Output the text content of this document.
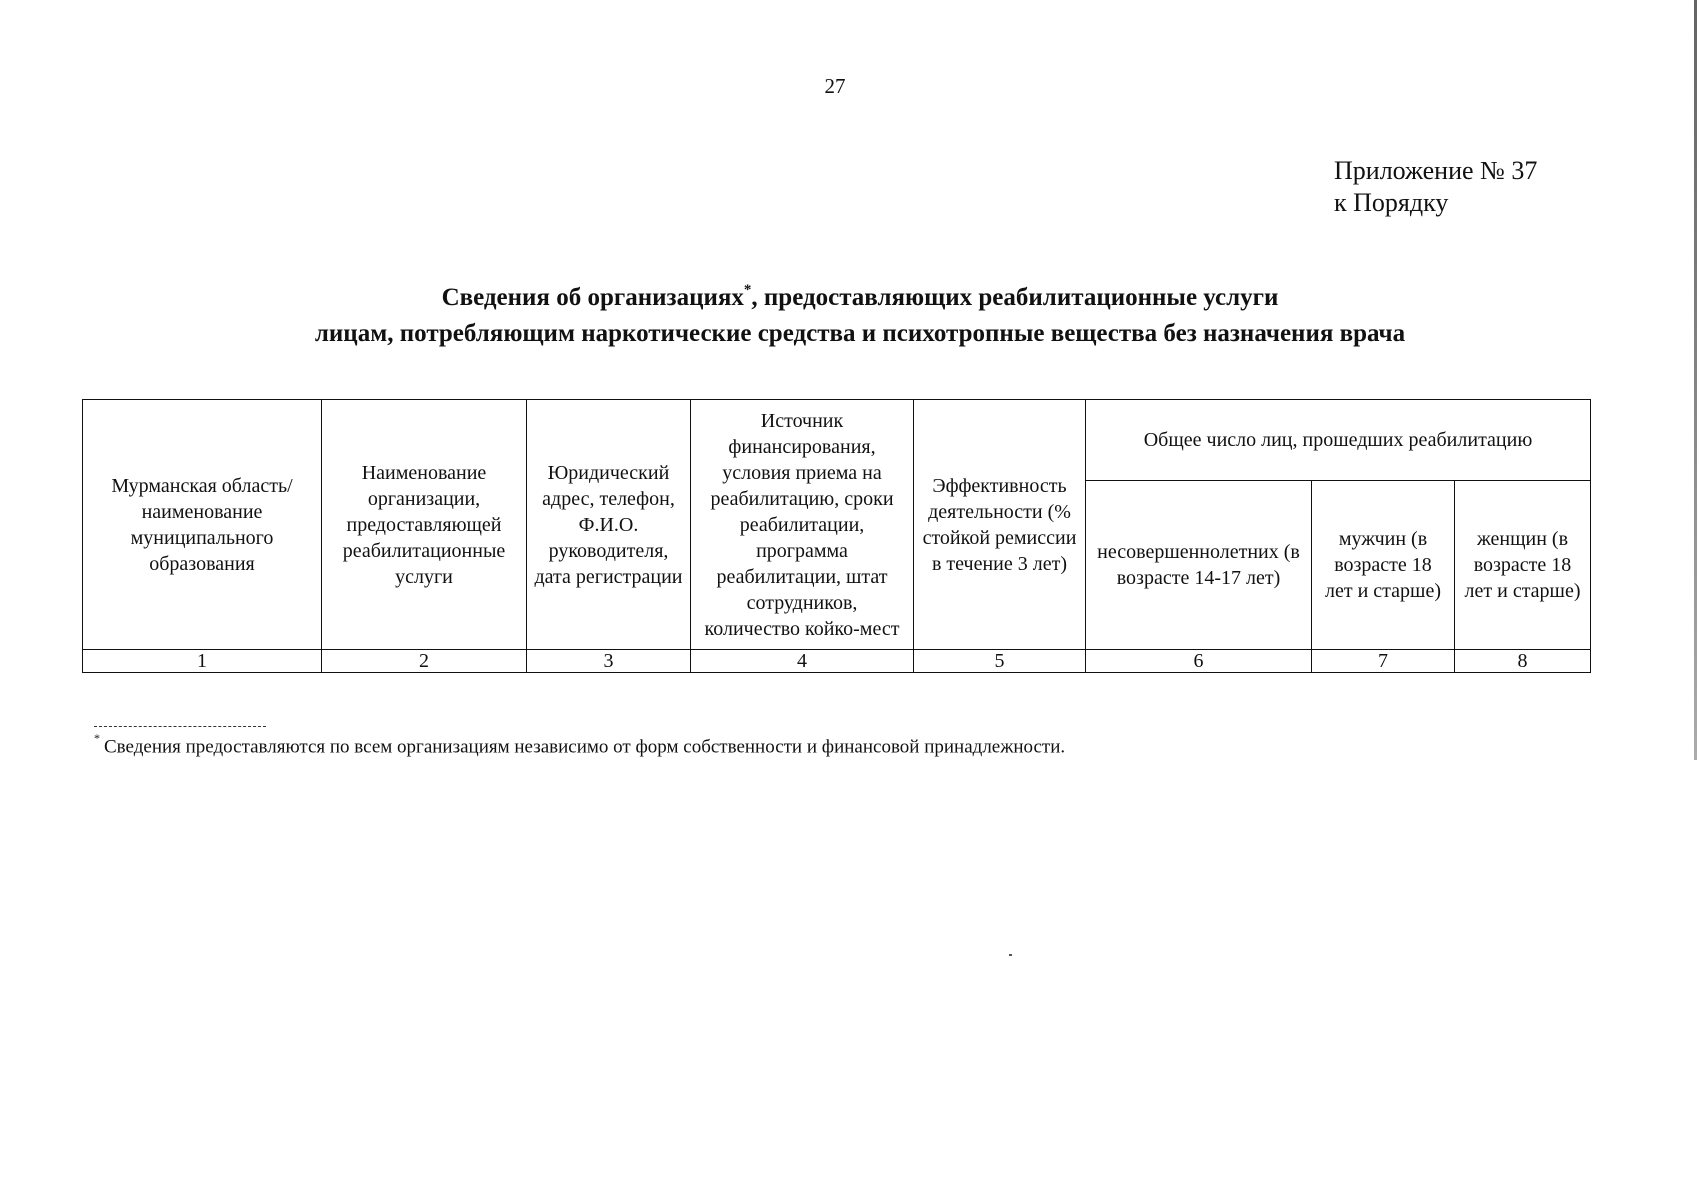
27
Приложение № 37
к Порядку
Сведения об организациях*, предоставляющих реабилитационные услуги
лицам, потребляющим наркотические средства и психотропные вещества без назначения врача
Мурманская область/наименование муниципального образования	Наименование организации, предоставляющей реабилитационные услуги	Юридический адрес, телефон, Ф.И.О. руководителя, дата регистрации	Источник финансирования, условия приема на реабилитацию, сроки реабилитации, программа реабилитации, штат сотрудников, количество койко-мест	Эффективность деятельности (% стойкой ремиссии в течение 3 лет)	Общее число лиц, прошедших реабилитацию		
					несовершеннолетних (в возрасте 14-17 лет)	мужчин (в возрасте 18 лет и старше)	женщин (в возрасте 18 лет и старше)
1	2	3	4	5	6	7	8
* Сведения предоставляются по всем организациям независимо от форм собственности и финансовой принадлежности.
